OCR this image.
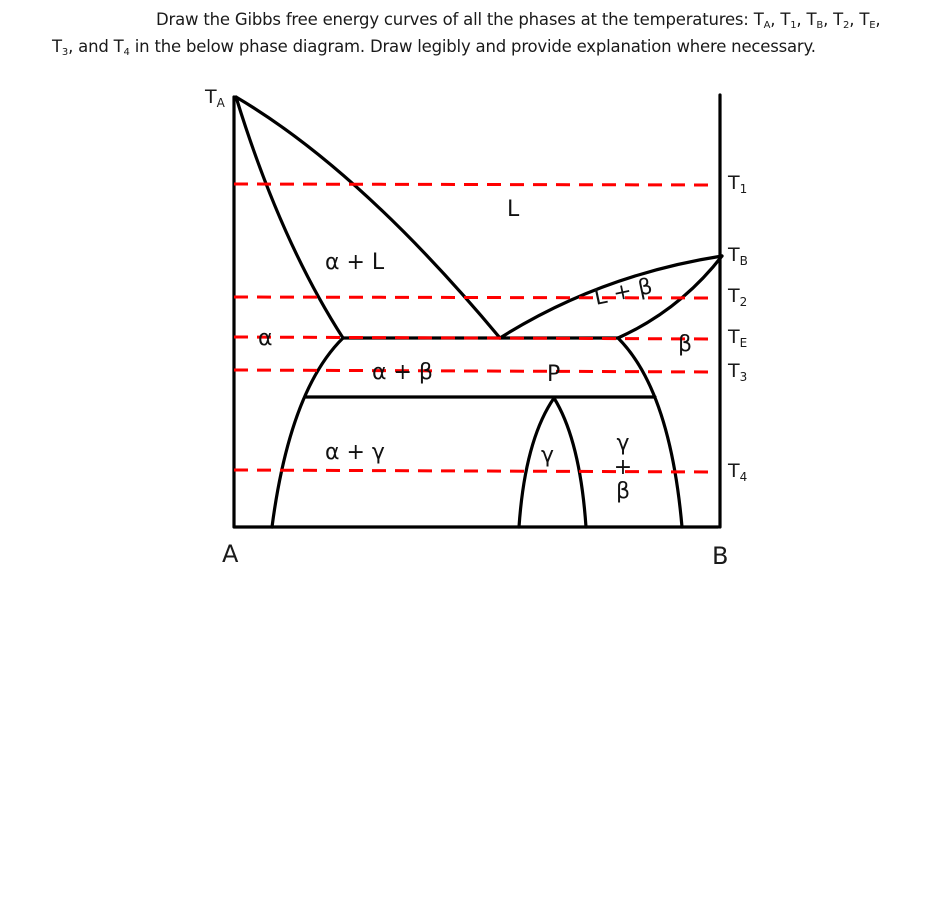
Draw the Gibbs free energy curves of all the phases at the temperatures: $T_A$, $T_1$, $T_B$, $T_2$, $T_E$,
$T_3$, and $T_4$ in the below phase diagram. Draw legibly and provide explanation where necessary.
$T_A$
$T_1$
$T_B$
$T_2$
$T_E$
$T_3$
$T_4$
A	B
L
α + L
L + β
α	β
α + β	P
α + γ	γ	γ + β
